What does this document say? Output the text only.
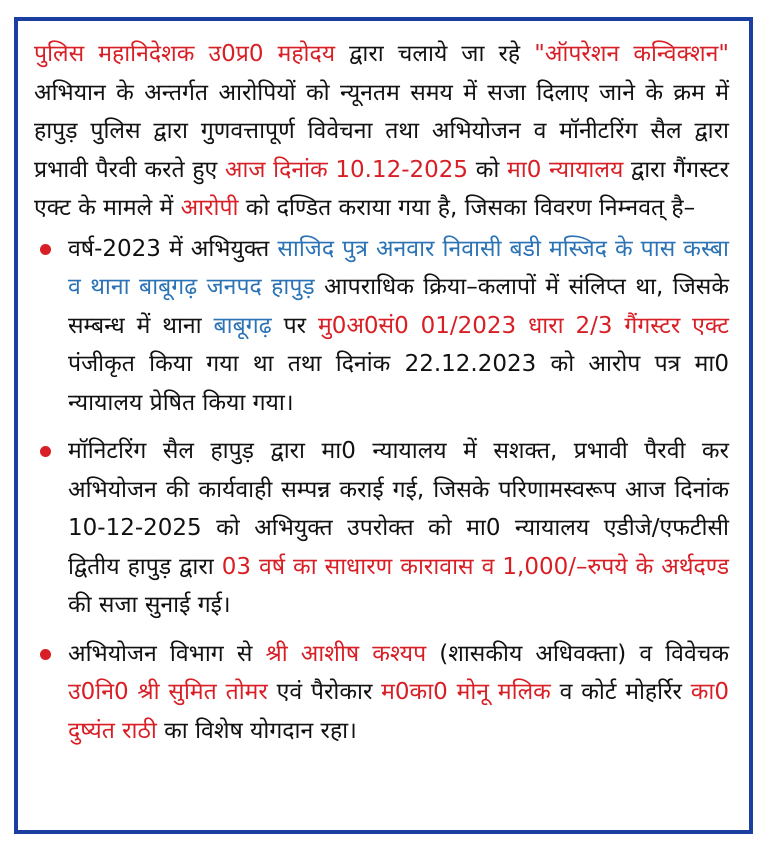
पुलिस महानिदेशक उ0प्र0 महोदय द्वारा चलाये जा रहे "ऑपरेशन कन्विक्शन" अभियान के अन्तर्गत आरोपियों को न्यूनतम समय में सजा दिलाए जाने के क्रम में हापुड़ पुलिस द्वारा गुणवत्तापूर्ण विवेचना तथा अभियोजन व मॉनीटरिंग सैल द्वारा प्रभावी पैरवी करते हुए आज दिनांक 10.12-2025 को मा0 न्यायालय द्वारा गैंगस्टर एक्ट के मामले में आरोपी को दण्डित कराया गया है, जिसका विवरण निम्नवत् है–

वर्ष-2023 में अभियुक्त साजिद पुत्र अनवार निवासी बडी मस्जिद के पास कस्बा व थाना बाबूगढ़ जनपद हापुड़ आपराधिक क्रिया–कलापों में संलिप्त था, जिसके सम्बन्ध में थाना बाबूगढ़ पर मु0अ0सं0 01/2023 धारा 2/3 गैंगस्टर एक्ट पंजीकृत किया गया था तथा दिनांक 22.12.2023 को आरोप पत्र मा0 न्यायालय प्रेषित किया गया।
मॉनिटरिंग सैल हापुड़ द्वारा मा0 न्यायालय में सशक्त, प्रभावी पैरवी कर अभियोजन की कार्यवाही सम्पन्न कराई गई, जिसके परिणामस्वरूप आज दिनांक 10-12-2025 को अभियुक्त उपरोक्त को मा0 न्यायालय एडीजे/एफटीसी द्वितीय हापुड़ द्वारा 03 वर्ष का साधारण कारावास व 1,000/–रुपये के अर्थदण्ड की सजा सुनाई गई।
अभियोजन विभाग से श्री आशीष कश्यप (शासकीय अधिवक्ता) व विवेचक उ0नि0 श्री सुमित तोमर एवं पैरोकार म0का0 मोनू मलिक व कोर्ट मोहर्रिर का0 दुष्यंत राठी का विशेष योगदान रहा।
